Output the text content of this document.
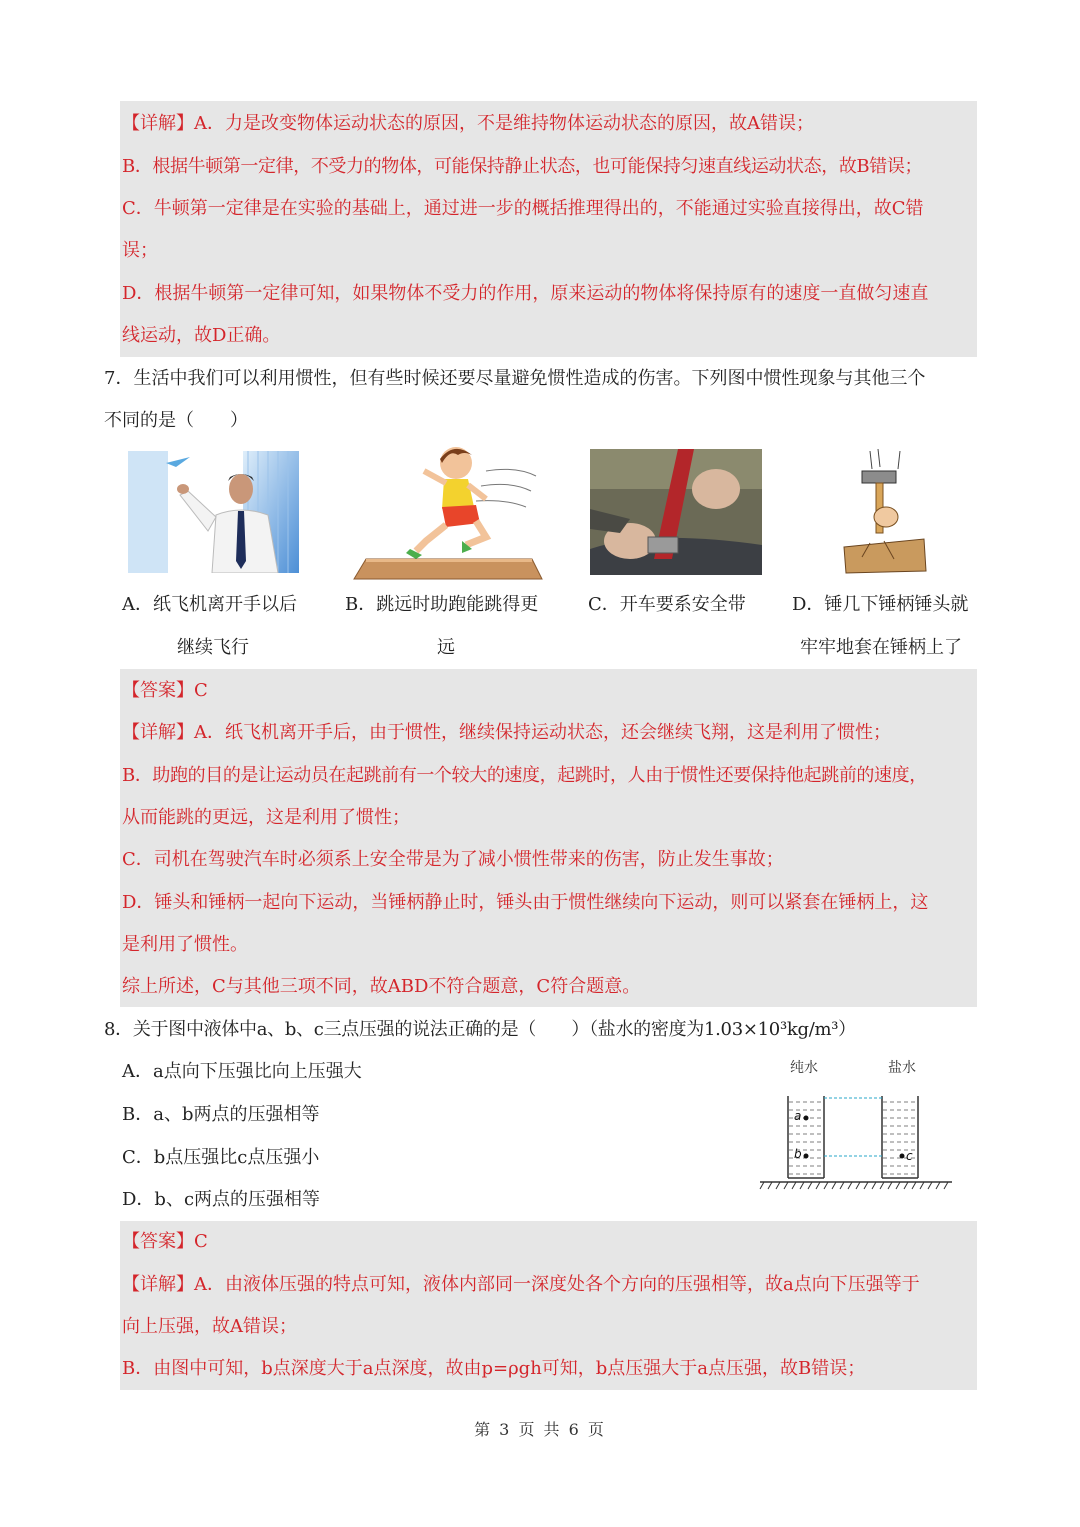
【详解】A．力是改变物体运动状态的原因，不是维持物体运动状态的原因，故A错误；
B．根据牛顿第一定律，不受力的物体，可能保持静止状态，也可能保持匀速直线运动状态，故B错误；
C．牛顿第一定律是在实验的基础上，通过进一步的概括推理得出的，不能通过实验直接得出，故C错
误；
D．根据牛顿第一定律可知，如果物体不受力的作用，原来运动的物体将保持原有的速度一直做匀速直
线运动，故D正确。
7．生活中我们可以利用惯性，但有些时候还要尽量避免惯性造成的伤害。下列图中惯性现象与其他三个
不同的是（　　）
A．纸飞机离开手以后
继续飞行
B．跳远时助跑能跳得更
远
C．开车要系安全带	D．锤几下锤柄锤头就
牢牢地套在锤柄上了
【答案】C
【详解】A．纸飞机离开手后，由于惯性，继续保持运动状态，还会继续飞翔，这是利用了惯性；
B．助跑的目的是让运动员在起跳前有一个较大的速度，起跳时，人由于惯性还要保持他起跳前的速度，
从而能跳的更远，这是利用了惯性；
C．司机在驾驶汽车时必须系上安全带是为了减小惯性带来的伤害，防止发生事故；
D．锤头和锤柄一起向下运动，当锤柄静止时，锤头由于惯性继续向下运动，则可以紧套在锤柄上，这
是利用了惯性。
综上所述，C与其他三项不同，故ABD不符合题意，C符合题意。
8．关于图中液体中a、b、c三点压强的说法正确的是（　　）（盐水的密度为1.03×10³kg/m³）
A．a点向下压强比向上压强大
B．a、b两点的压强相等
C．b点压强比c点压强小
D．b、c两点的压强相等
纯水	盐水
a
b	c
【答案】C
【详解】A．由液体压强的特点可知，液体内部同一深度处各个方向的压强相等，故a点向下压强等于
向上压强，故A错误；
B．由图中可知，b点深度大于a点深度，故由p=ρgh可知，b点压强大于a点压强，故B错误；
第 3 页 共 6 页
